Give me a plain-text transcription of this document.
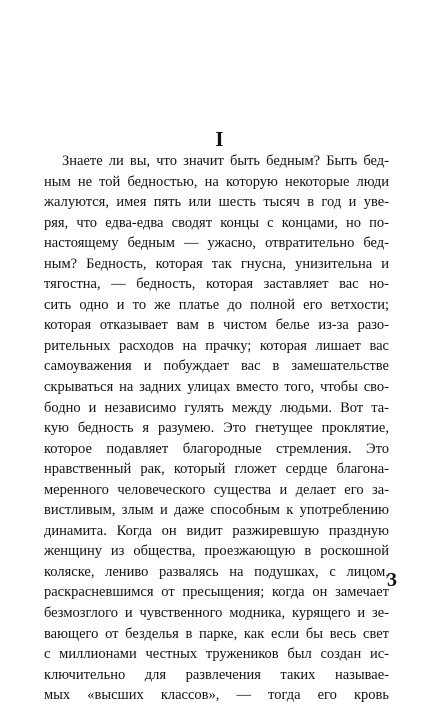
I
Знаете ли вы, что значит быть бедным? Быть бед-
ным не той бедностью, на которую некоторые люди
жалуются, имея пять или шесть тысяч в год и уве-
ряя, что едва-едва сводят концы с концами, но по-
настоящему бедным — ужасно, отвратительно бед-
ным? Бедность, которая так гнусна, унизительна и
тягостна, — бедность, которая заставляет вас но-
сить одно и то же платье до полной его ветхости;
которая отказывает вам в чистом белье из-за разо-
рительных расходов на прачку; которая лишает вас
самоуважения и побуждает вас в замешательстве
скрываться на задних улицах вместо того, чтобы сво-
бодно и независимо гулять между людьми. Вот та-
кую бедность я разумею. Это гнетущее проклятие,
которое подавляет благородные стремления. Это
нравственный рак, который гложет сердце благона-
меренного человеческого существа и делает его за-
вистливым, злым и даже способным к употреблению
динамита. Когда он видит разжиревшую праздную
женщину из общества, проезжающую в роскошной
коляске, лениво развалясь на подушках, с лицом,
раскрасневшимся от пресыщения; когда он замечает
безмозглого и чувственного модника, курящего и зе-
вающего от безделья в парке, как если бы весь свет
с миллионами честных тружеников был создан ис-
ключительно для развлечения таких называе-
мых «высших классов», — тогда его кровь
3
